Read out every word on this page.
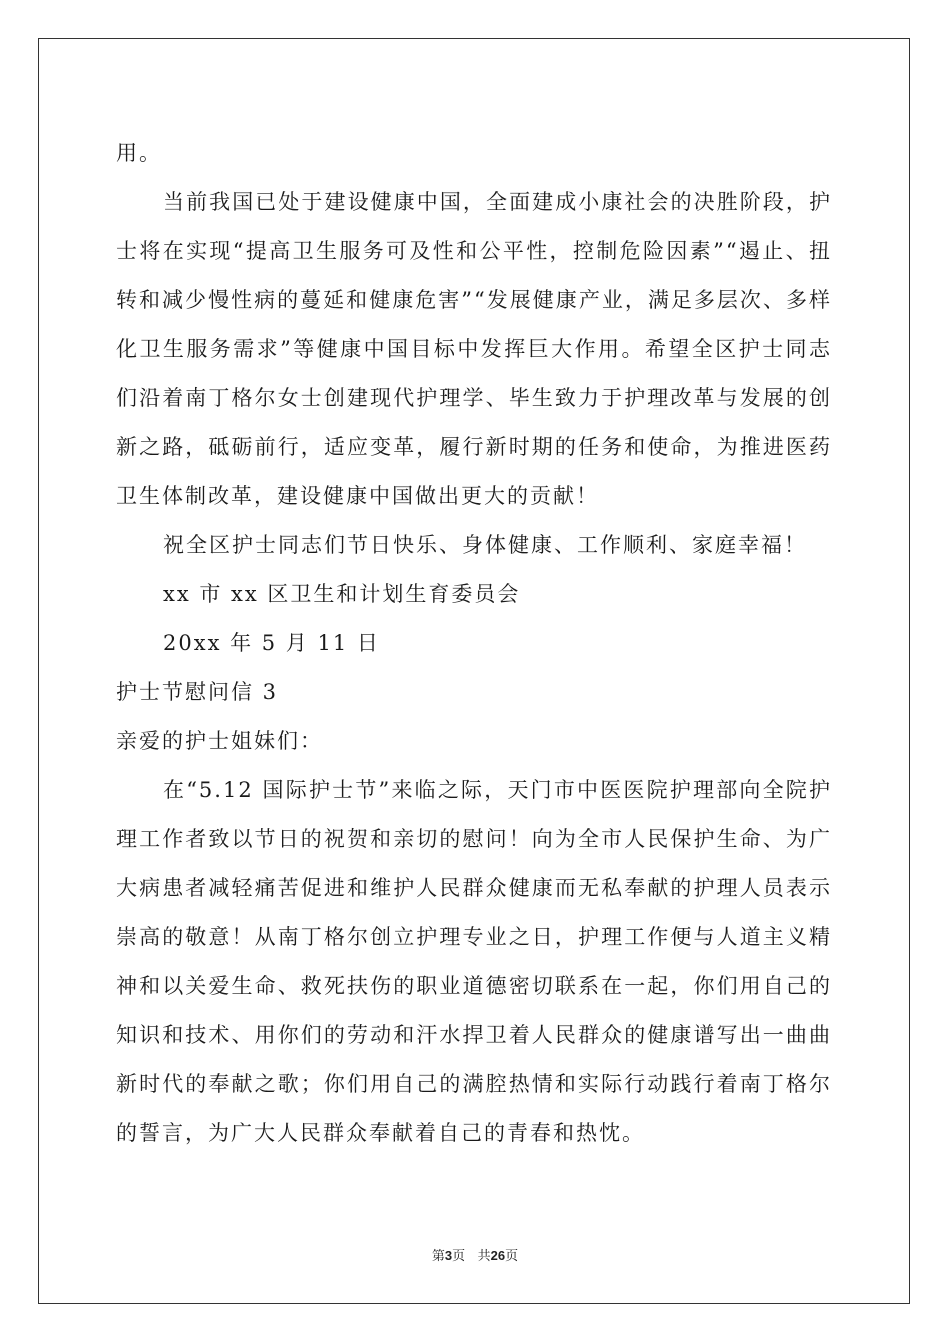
用。

当前我国已处于建设健康中国，全面建成小康社会的决胜阶段，护士将在实现“提高卫生服务可及性和公平性，控制危险因素”“遏止、扭转和减少慢性病的蔓延和健康危害”“发展健康产业，满足多层次、多样化卫生服务需求”等健康中国目标中发挥巨大作用。希望全区护士同志们沿着南丁格尔女士创建现代护理学、毕生致力于护理改革与发展的创新之路，砥砺前行，适应变革，履行新时期的任务和使命，为推进医药卫生体制改革，建设健康中国做出更大的贡献！

祝全区护士同志们节日快乐、身体健康、工作顺利、家庭幸福！

xx 市 xx 区卫生和计划生育委员会

20xx 年 5 月 11 日

护士节慰问信 3

亲爱的护士姐妹们：

在“5.12 国际护士节”来临之际，天门市中医医院护理部向全院护理工作者致以节日的祝贺和亲切的慰问！向为全市人民保护生命、为广大病患者减轻痛苦促进和维护人民群众健康而无私奉献的护理人员表示崇高的敬意！从南丁格尔创立护理专业之日，护理工作便与人道主义精神和以关爱生命、救死扶伤的职业道德密切联系在一起，你们用自己的知识和技术、用你们的劳动和汗水捍卫着人民群众的健康谱写出一曲曲新时代的奉献之歌；你们用自己的满腔热情和实际行动践行着南丁格尔的誓言，为广大人民群众奉献着自己的青春和热忱。

第3页 共26页
